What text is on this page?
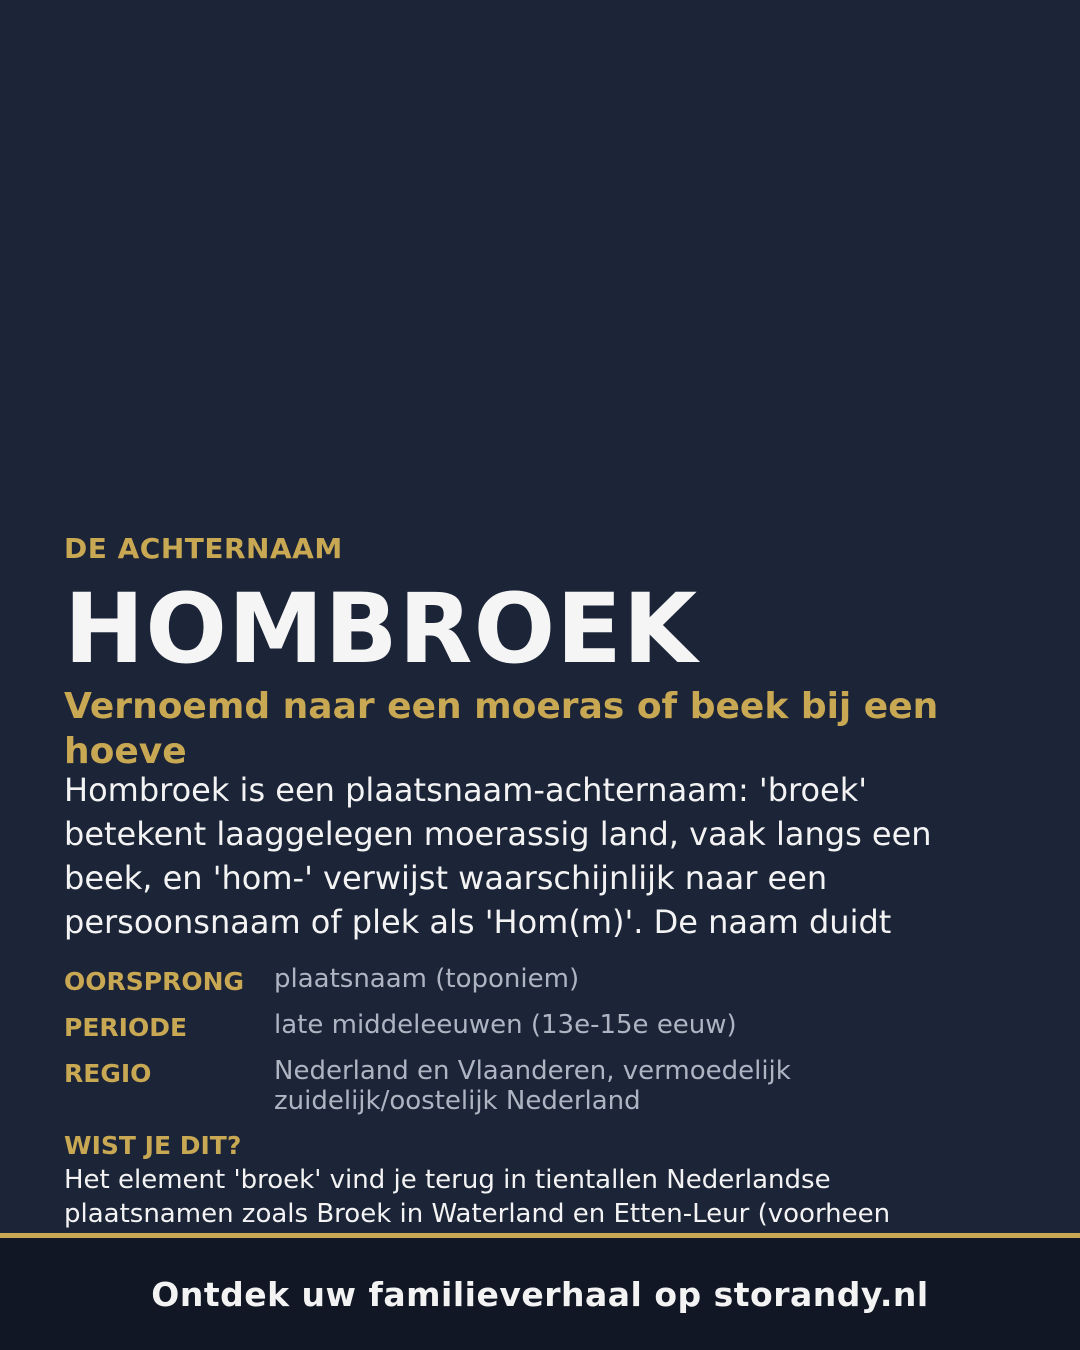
DE ACHTERNAAM
HOMBROEK
Vernoemd naar een moeras of beek bij een hoeve
Hombroek is een plaatsnaam-achternaam: 'broek' betekent laaggelegen moerassig land, vaak langs een beek, en 'hom-' verwijst waarschijnlijk naar een persoonsnaam of plek als 'Hom(m)'. De naam duidt
OORSPRONG	plaatsnaam (toponiem)
PERIODE	late middeleeuwen (13e-15e eeuw)
REGIO	Nederland en Vlaanderen, vermoedelijk zuidelijk/oostelijk Nederland
WIST JE DIT?
Het element 'broek' vind je terug in tientallen Nederlandse plaatsnamen zoals Broek in Waterland en Etten-Leur (voorheen
Ontdek uw familieverhaal op storandy.nl
